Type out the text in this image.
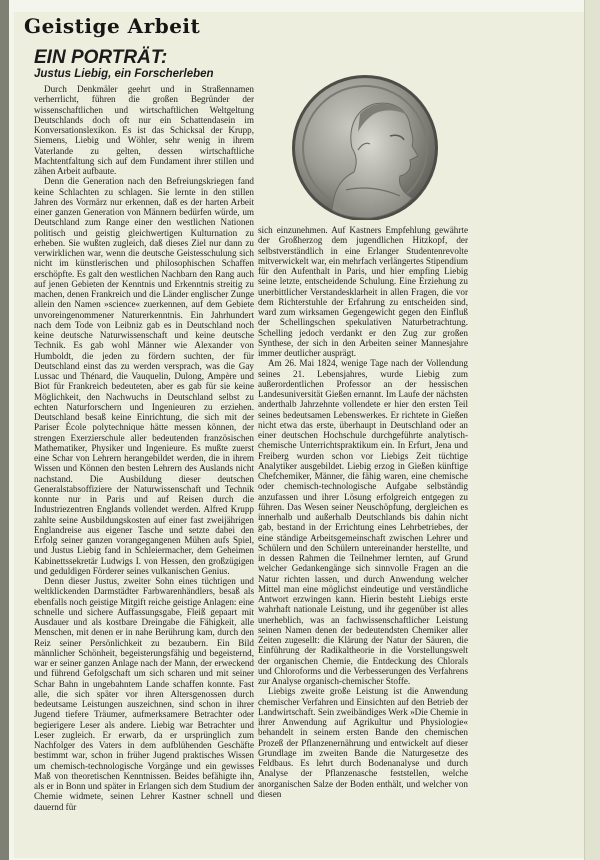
Geistige Arbeit
EIN PORTRÄT:
Justus Liebig, ein Forscherleben

Durch Denkmäler geehrt und in Straßennamen verherrlicht, führen die großen Begründer der wissenschaftlichen und wirtschaftlichen Weltgeltung Deutschlands doch oft nur ein Schattendasein im Konversationslexikon. Es ist das Schicksal der Krupp, Siemens, Liebig und Wöhler, sehr wenig in ihrem Vaterlande zu gelten, dessen wirtschaftliche Machtentfaltung sich auf dem Fundament ihrer stillen und zähen Arbeit aufbaute.

Denn die Generation nach den Befreiungskriegen fand keine Schlachten zu schlagen. Sie lernte in den stillen Jahren des Vormärz nur erkennen, daß es der harten Arbeit einer ganzen Generation von Männern bedürfen würde, um Deutschland zum Range einer den westlichen Nationen politisch und geistig gleichwertigen Kulturnation zu erheben. Sie wußten zugleich, daß dieses Ziel nur dann zu verwirklichen war, wenn die deutsche Geistesschulung sich nicht im künstlerischen und philosophischen Schaffen erschöpfte. Es galt den westlichen Nachbarn den Rang auch auf jenen Gebieten der Kenntnis und Erkenntnis streitig zu machen, denen Frankreich und die Länder englischer Zunge allein den Namen »science« zuerkennen, auf dem Gebiete unvoreingenommener Naturerkenntnis. Ein Jahrhundert nach dem Tode von Leibniz gab es in Deutschland noch keine deutsche Naturwissenschaft und keine deutsche Technik. Es gab wohl Männer wie Alexander von Humboldt, die jeden zu fördern suchten, der für Deutschland einst das zu werden versprach, was die Gay Lussac und Thénard, die Vauquelin, Dulong, Ampère und Biot für Frankreich bedeuteten, aber es gab für sie keine Möglichkeit, den Nachwuchs in Deutschland selbst zu echten Naturforschern und Ingenieuren zu erziehen. Deutschland besaß keine Einrichtung, die sich mit der Pariser École polytechnique hätte messen können, der strengen Exerzierschule aller bedeutenden französischen Mathematiker, Physiker und Ingenieure. Es mußte zuerst eine Schar von Lehrern herangebildet werden, die in ihrem Wissen und Können den besten Lehrern des Auslands nicht nachstand. Die Ausbildung dieser deutschen Generalstabsoffiziere der Naturwissenschaft und Technik konnte nur in Paris und auf Reisen durch die Industriezentren Englands vollendet werden. Alfred Krupp zahlte seine Ausbildungskosten auf einer fast zweijährigen Englandreise aus eigener Tasche und setzte dabei den Erfolg seiner ganzen vorangegangenen Mühen aufs Spiel, und Justus Liebig fand in Schleiermacher, dem Geheimen Kabinettssekretär Ludwigs I. von Hessen, den großzügigen und geduldigen Förderer seines vulkanischen Genius.

Denn dieser Justus, zweiter Sohn eines tüchtigen und weltklickenden Darmstädter Farbwarenhändlers, besaß als ebenfalls noch geistige Mitgift reiche geistige Anlagen: eine schnelle und sichere Auffassungsgabe, Fleiß gepaart mit Ausdauer und als kostbare Dreingabe die Fähigkeit, alle Menschen, mit denen er in nahe Berührung kam, durch den Reiz seiner Persönlichkeit zu bezaubern. Ein Bild männlicher Schönheit, begeisterungsfähig und begeisternd, war er seiner ganzen Anlage nach der Mann, der erweckend und führend Gefolgschaft um sich scharen und mit seiner Schar Bahn in ungebahntem Lande schaffen konnte. Fast alle, die sich später vor ihren Altersgenossen durch bedeutsame Leistungen auszeichnen, sind schon in ihrer Jugend tiefere Träumer, aufmerksamere Betrachter oder begierigere Leser als andere. Liebig war Betrachter und Leser zugleich. Er erwarb, da er ursprünglich zum Nachfolger des Vaters in dem aufblühenden Geschäfte bestimmt war, schon in früher Jugend praktisches Wissen um chemisch-technologische Vorgänge und ein gewisses Maß von theoretischen Kenntnissen. Beides befähigte ihn, als er in Bonn und später in Erlangen sich dem Studium der Chemie widmete, seinen Lehrer Kastner schnell und dauernd für

sich einzunehmen. Auf Kastners Empfehlung gewährte der Großherzog dem jugendlichen Hitzkopf, der selbstverständlich in eine Erlanger Studentenrevolte mitverwickelt war, ein mehrfach verlängertes Stipendium für den Aufenthalt in Paris, und hier empfing Liebig seine letzte, entscheidende Schulung. Eine Erziehung zu unerbittlicher Verstandesklarheit in allen Fragen, die vor dem Richterstuhle der Erfahrung zu entscheiden sind, ward zum wirksamen Gegengewicht gegen den Einfluß der Schellingschen spekulativen Naturbetrachtung. Schelling jedoch verdankt er den Zug zur großen Synthese, der sich in den Arbeiten seiner Mannesjahre immer deutlicher ausprägt.

Am 26. Mai 1824, wenige Tage nach der Vollendung seines 21. Lebensjahres, wurde Liebig zum außerordentlichen Professor an der hessischen Landesuniversität Gießen ernannt. Im Laufe der nächsten anderthalb Jahrzehnte vollendete er hier den ersten Teil seines bedeutsamen Lebenswerkes. Er richtete in Gießen nicht etwa das erste, überhaupt in Deutschland oder an einer deutschen Hochschule durchgeführte analytisch-chemische Unterrichtspraktikum ein. In Erfurt, Jena und Freiberg wurden schon vor Liebigs Zeit tüchtige Analytiker ausgebildet. Liebig erzog in Gießen künftige Chefchemiker, Männer, die fähig waren, eine chemische oder chemisch-technologische Aufgabe selbständig anzufassen und ihrer Lösung erfolgreich entgegen zu führen. Das Wesen seiner Neuschöpfung, dergleichen es innerhalb und außerhalb Deutschlands bis dahin nicht gab, bestand in der Errichtung eines Lehrbetriebes, der eine ständige Arbeitsgemeinschaft zwischen Lehrer und Schülern und den Schülern untereinander herstellte, und in dessen Rahmen die Teilnehmer lernten, auf Grund welcher Gedankengänge sich sinnvolle Fragen an die Natur richten lassen, und durch Anwendung welcher Mittel man eine möglichst eindeutige und verständliche Antwort erzwingen kann. Hierin besteht Liebigs erste wahrhaft nationale Leistung, und ihr gegenüber ist alles unerheblich, was an fachwissenschaftlicher Leistung seinen Namen denen der bedeutendsten Chemiker aller Zeiten zugesellt: die Klärung der Natur der Säuren, die Einführung der Radikaltheorie in die Vorstellungswelt der organischen Chemie, die Entdeckung des Chlorals und Chloroforms und die Verbesserungen des Verfahrens zur Analyse organisch-chemischer Stoffe.

Liebigs zweite große Leistung ist die Anwendung chemischer Verfahren und Einsichten auf den Betrieb der Landwirtschaft. Sein zweibändiges Werk »Die Chemie in ihrer Anwendung auf Agrikultur und Physiologie« behandelt in seinem ersten Bande den chemischen Prozeß der Pflanzenernährung und entwickelt auf dieser Grundlage im zweiten Bande die Naturgesetze des Feldbaus. Es lehrt durch Bodenanalyse und durch Analyse der Pflanzenasche feststellen, welche anorganischen Salze der Boden enthält, und welcher von diesen
